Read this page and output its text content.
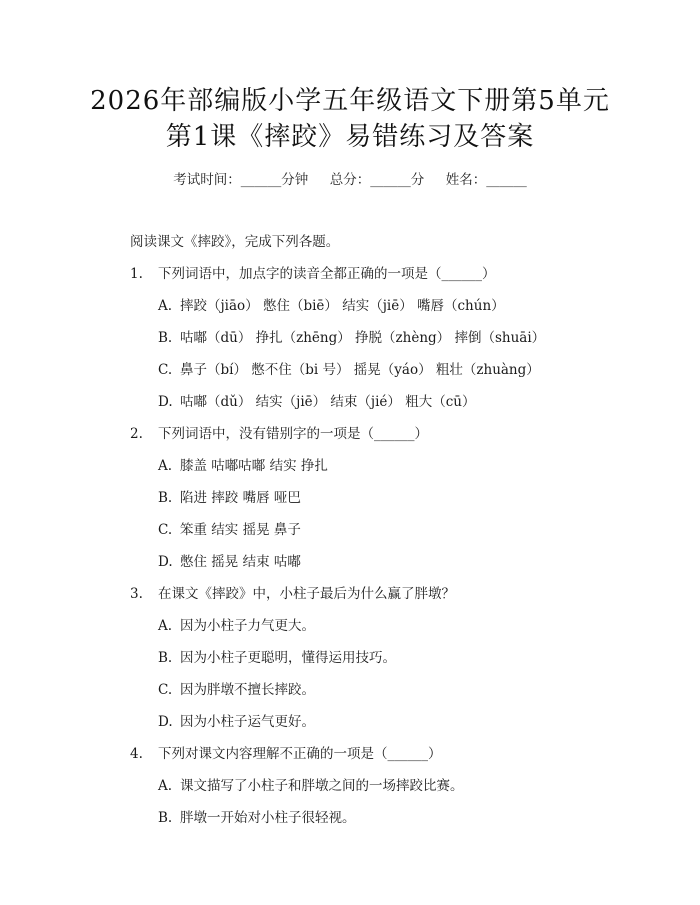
2026年部编版小学五年级语文下册第5单元
第1课《摔跤》易错练习及答案
考试时间：______分钟     总分：______分     姓名：______
阅读课文《摔跤》，完成下列各题。
1. 下列词语中，加点字的读音全都正确的一项是（______）
A. 摔跤（jiāo） 憋住（biē） 结实（jiē） 嘴唇（chún）
B. 咕嘟（dū） 挣扎（zhēng） 挣脱（zhèng） 摔倒（shuāi）
C. 鼻子（bí） 憋不住（bi 号） 摇晃（yáo） 粗壮（zhuàng）
D. 咕嘟（dǔ） 结实（jiē） 结束（jié） 粗大（cū）
2. 下列词语中，没有错别字的一项是（______）
A. 膝盖 咕嘟咕嘟 结实 挣扎
B. 陷进 摔跤 嘴唇 哑巴
C. 笨重 结实 摇晃 鼻子
D. 憋住 摇晃 结束 咕嘟
3. 在课文《摔跤》中，小柱子最后为什么赢了胖墩？
A. 因为小柱子力气更大。
B. 因为小柱子更聪明，懂得运用技巧。
C. 因为胖墩不擅长摔跤。
D. 因为小柱子运气更好。
4. 下列对课文内容理解不正确的一项是（______）
A. 课文描写了小柱子和胖墩之间的一场摔跤比赛。
B. 胖墩一开始对小柱子很轻视。
